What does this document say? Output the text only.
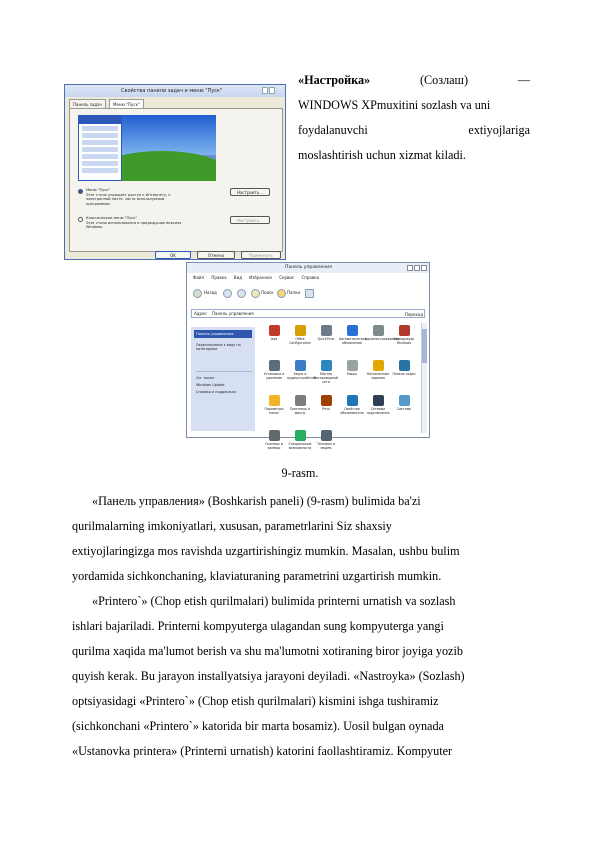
«Настройка»	(Созлаш)	—
WINDOWS XPmuxitini sozlash va uni
foydalanuvchi	extiyojlariga
moslashtirish uchun xizmat kiladi.
Свойства панели задач и меню "Пуск"
Панель задач	Меню "Пуск"
Меню "Пуск"
Этот стиль упрощает доступ к Интернету, к электронной почте, часто используемым программам.
Настроить...
Классическое меню "Пуск"
Этот стиль использовался в предыдущих версиях Windows.
Настроить...
OK	Отмена	Применить
Панель управления
Файл Правка Вид Избранное Сервис Справка
Назад	Поиск	Папки
Адрес Панель управления	Переход
Панель управления
Переключение к виду по категориям
См. также
Windows Update
Справка и поддержка
Java	Office Configuration
QuickTime	Автоматическое обновление
Администрирование
Брандмауэр Windows
Установка и удаление
Звуки и аудиоустройства
Мастер беспроводной сети
Мышь	Назначенные задания
Панель задач
Параметры папок
Принтеры и факсы
Речь	Свойства обозревателя
Сетевые подключения
Система
Сканеры и камеры
Специальные возможности
Телефон и модем
9-rasm.
«Панель управления» (Boshkarish paneli) (9-rasm) bulimida ba'zi
qurilmalarning imkoniyatlari, xususan, parametrlarini Siz shaxsiy
extiyojlaringizga mos ravishda uzgartirishingiz mumkin. Masalan, ushbu bulim
yordamida sichkonchaning, klaviaturaning parametrini uzgartirish mumkin.
«Printero`» (Chop etish qurilmalari) bulimida printerni urnatish va sozlash
ishlari bajariladi. Printerni kompyuterga ulagandan sung kompyuterga yangi
qurilma xaqida ma'lumot berish va shu ma'lumotni xotiraning biror joyiga yozib
quyish kerak. Bu jarayon installyatsiya jarayoni deyiladi. «Nastroyka» (Sozlash)
optsiyasidagi «Printero`» (Chop etish qurilmalari) kismini ishga tushiramiz
(sichkonchani «Printero`» katorida bir marta bosamiz). Uosil bulgan oynada
«Ustanovka printera» (Printerni urnatish) katorini faollashtiramiz. Kompyuter
